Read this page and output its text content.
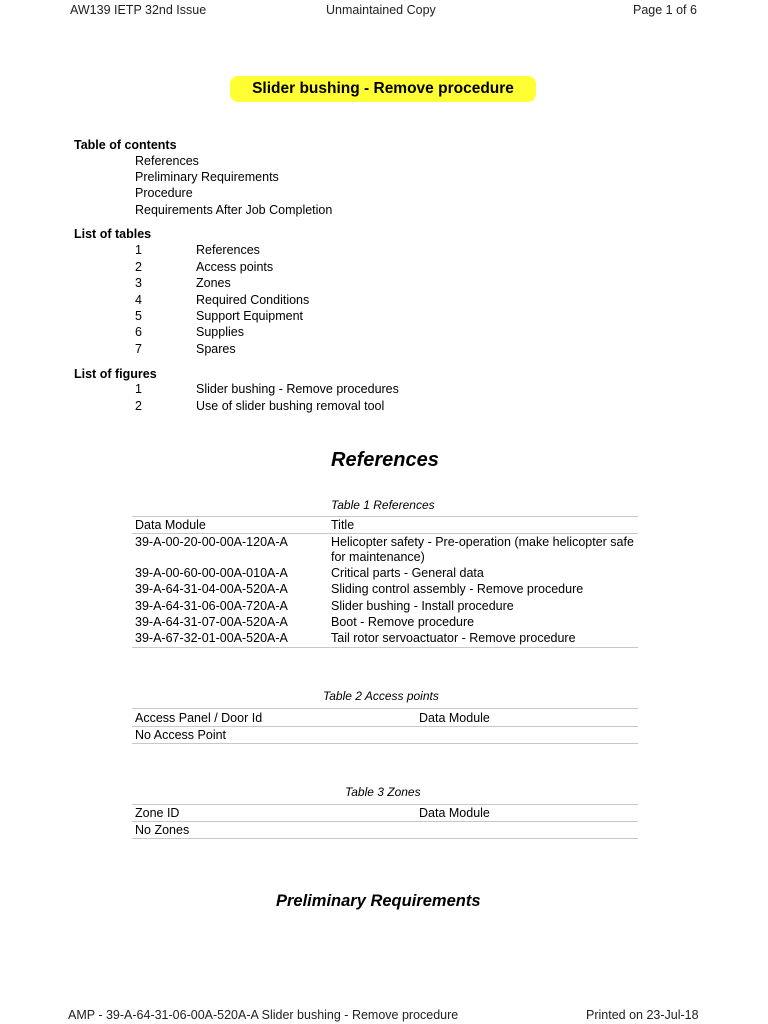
AW139 IETP 32nd Issue	Unmaintained Copy	Page 1 of 6
Slider bushing - Remove procedure
Table of contents
References
Preliminary Requirements
Procedure
Requirements After Job Completion
List of tables
1	References
2	Access points
3	Zones
4	Required Conditions
5	Support Equipment
6	Supplies
7	Spares
List of figures
1	Slider bushing - Remove procedures
2	Use of slider bushing removal tool
References
Table 1 References
Data Module	Title
39-A-00-20-00-00A-120A-A	Helicopter safety - Pre-operation (make helicopter safe
for maintenance)
39-A-00-60-00-00A-010A-A	Critical parts - General data
39-A-64-31-04-00A-520A-A	Sliding control assembly - Remove procedure
39-A-64-31-06-00A-720A-A	Slider bushing - Install procedure
39-A-64-31-07-00A-520A-A	Boot - Remove procedure
39-A-67-32-01-00A-520A-A	Tail rotor servoactuator - Remove procedure
Table 2 Access points
Access Panel / Door Id	Data Module
No Access Point
Table 3 Zones
Zone ID	Data Module
No Zones
Preliminary Requirements
AMP - 39-A-64-31-06-00A-520A-A Slider bushing - Remove procedure	Printed on 23-Jul-18
